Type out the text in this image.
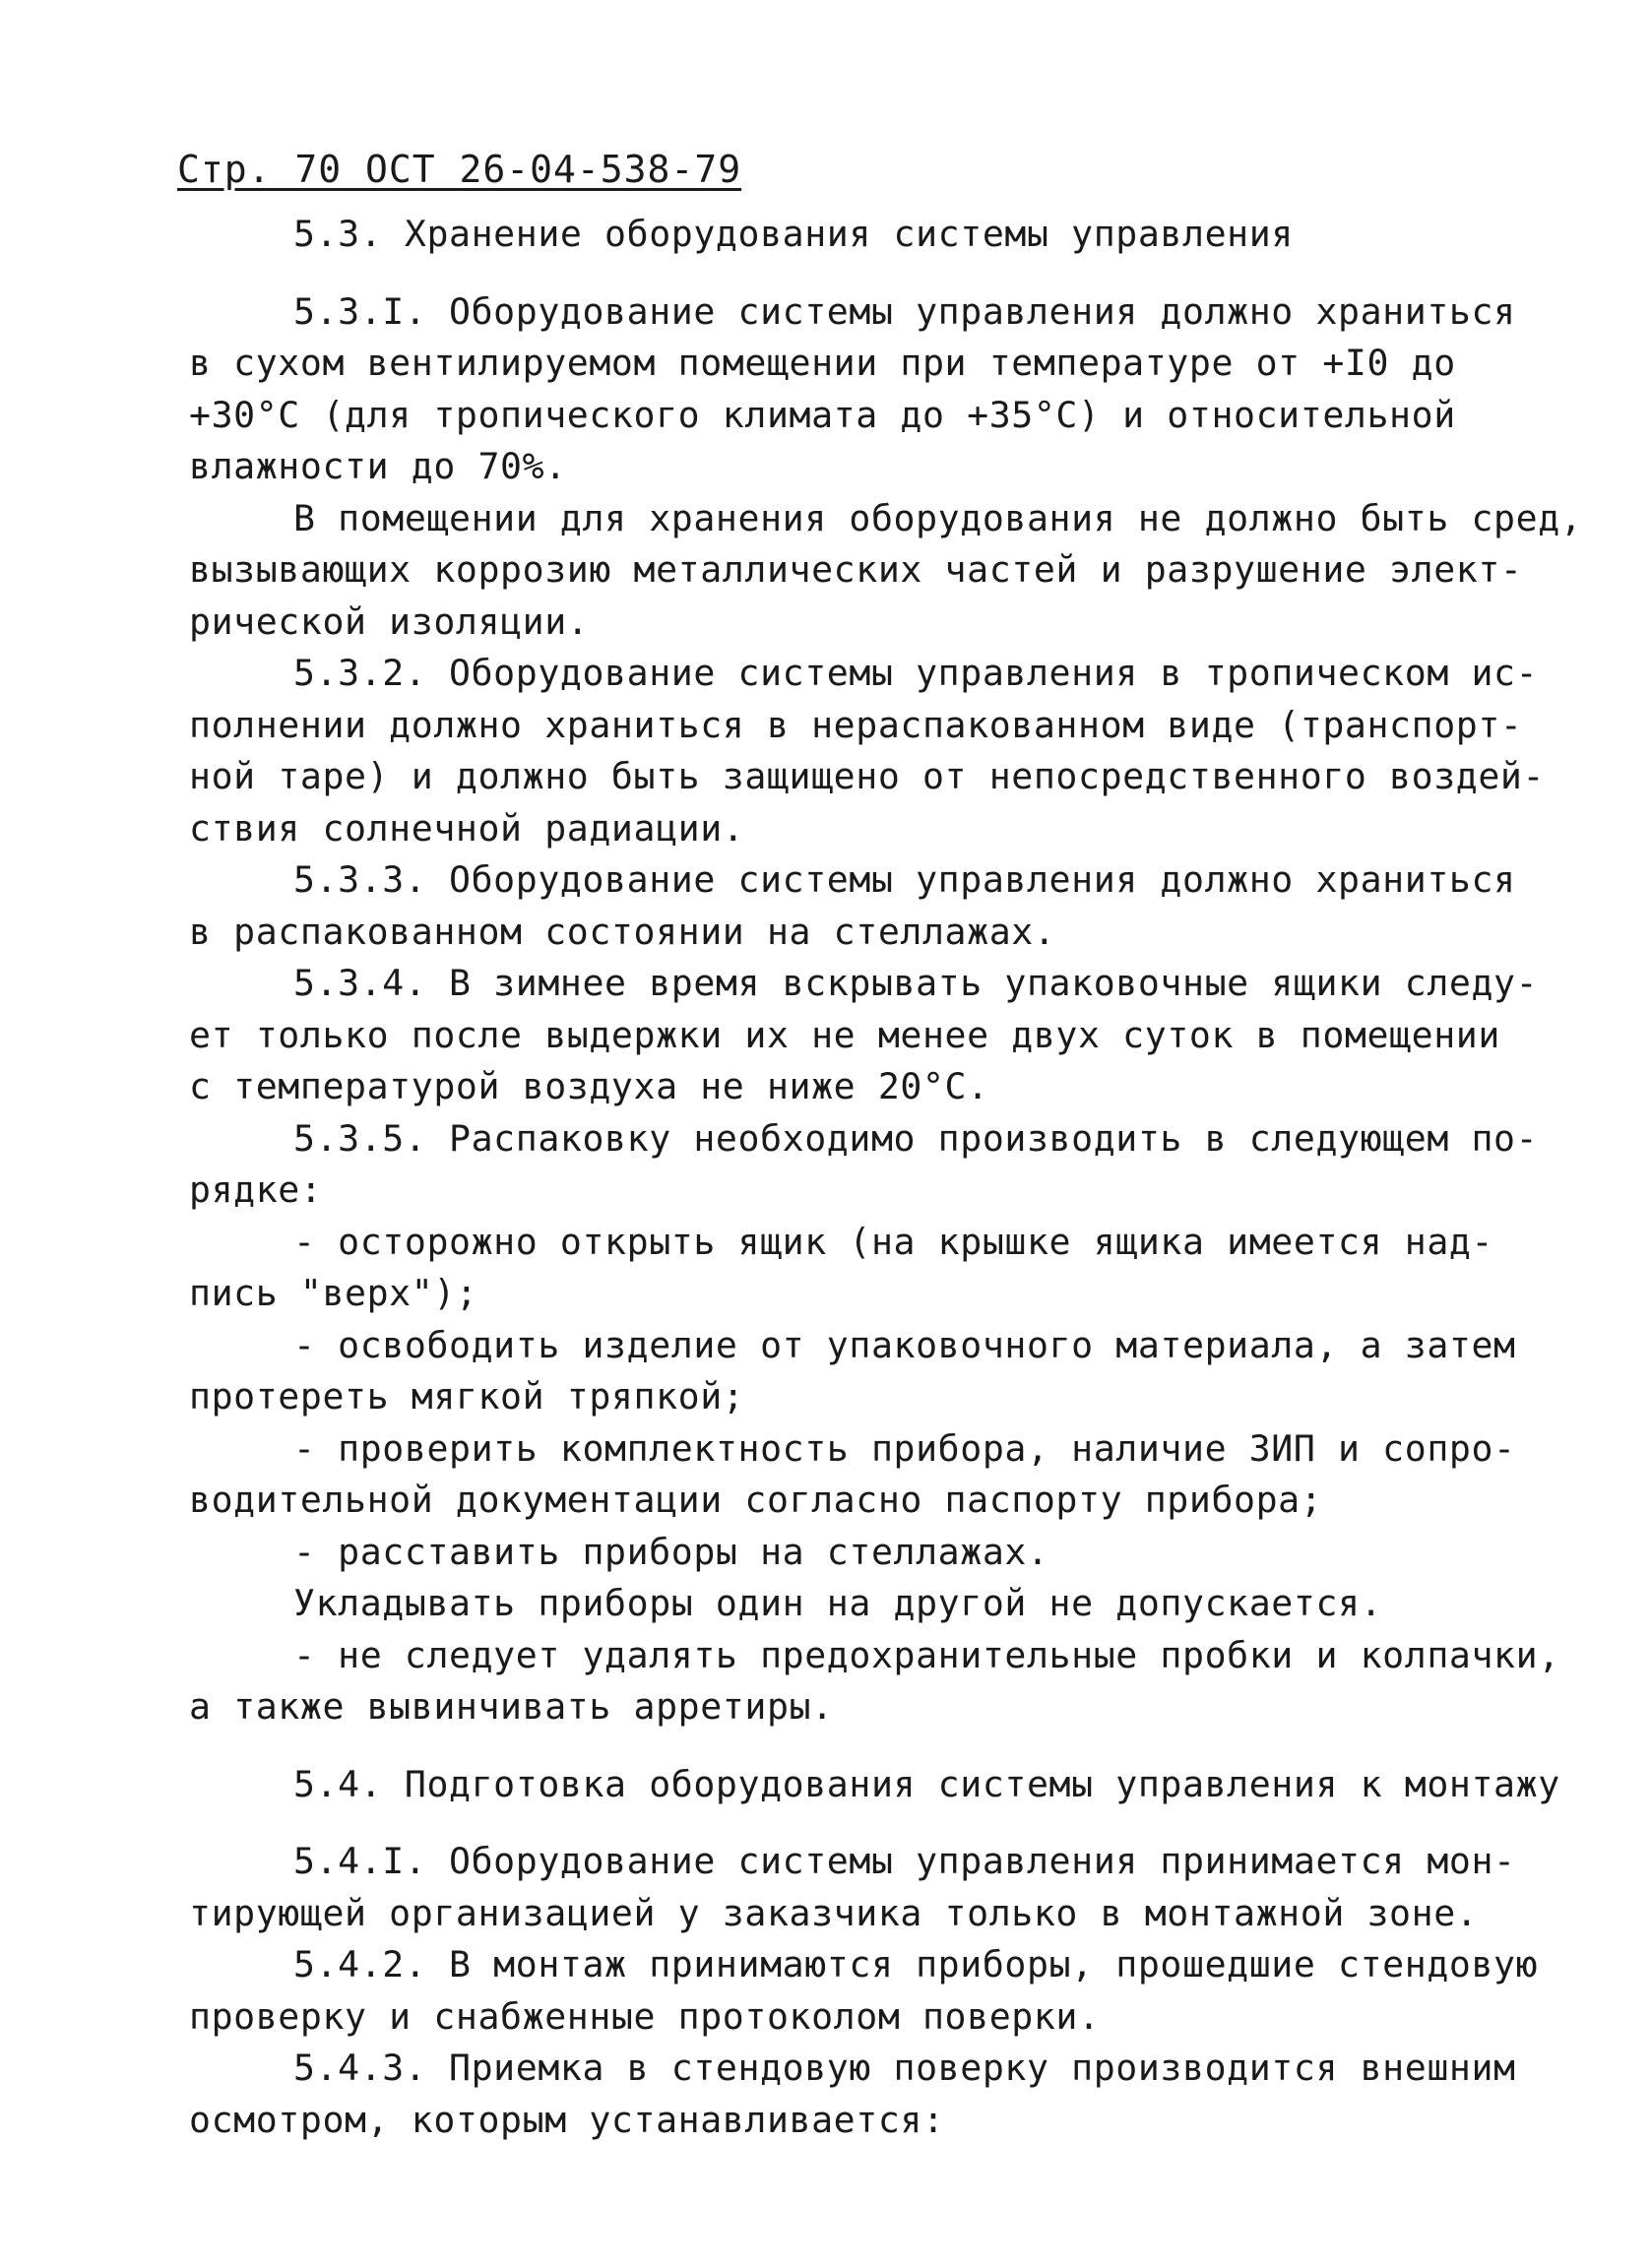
Стр. 70 ОСТ 26-04-538-79
5.3. Хранение оборудования системы управления
5.3.I. Оборудование системы управления должно храниться
в сухом вентилируемом помещении при температуре от +I0 до
+30°С (для тропического климата до +35°С) и относительной
влажности до 70%.
В помещении для хранения оборудования не должно быть сред,
вызывающих коррозию металлических частей и разрушение элект-
рической изоляции.
5.3.2. Оборудование системы управления в тропическом ис-
полнении должно храниться в нераспакованном виде (транспорт-
ной таре) и должно быть защищено от непосредственного воздей-
ствия солнечной радиации.
5.3.3. Оборудование системы управления должно храниться
в распакованном состоянии на стеллажах.
5.3.4. В зимнее время вскрывать упаковочные ящики следу-
ет только после выдержки их не менее двух суток в помещении
с температурой воздуха не ниже 20°С.
5.3.5. Распаковку необходимо производить в следующем по-
рядке:
- осторожно открыть ящик (на крышке ящика имеется над-
пись "верх");
- освободить изделие от упаковочного материала, а затем
протереть мягкой тряпкой;
- проверить комплектность прибора, наличие ЗИП и сопро-
водительной документации согласно паспорту прибора;
- расставить приборы на стеллажах.
Укладывать приборы один на другой не допускается.
- не следует удалять предохранительные пробки и колпачки,
а также вывинчивать арретиры.
5.4. Подготовка оборудования системы управления к монтажу
5.4.I. Оборудование системы управления принимается мон-
тирующей организацией у заказчика только в монтажной зоне.
5.4.2. В монтаж принимаются приборы, прошедшие стендовую
проверку и снабженные протоколом поверки.
5.4.3. Приемка в стендовую поверку производится внешним
осмотром, которым устанавливается:
